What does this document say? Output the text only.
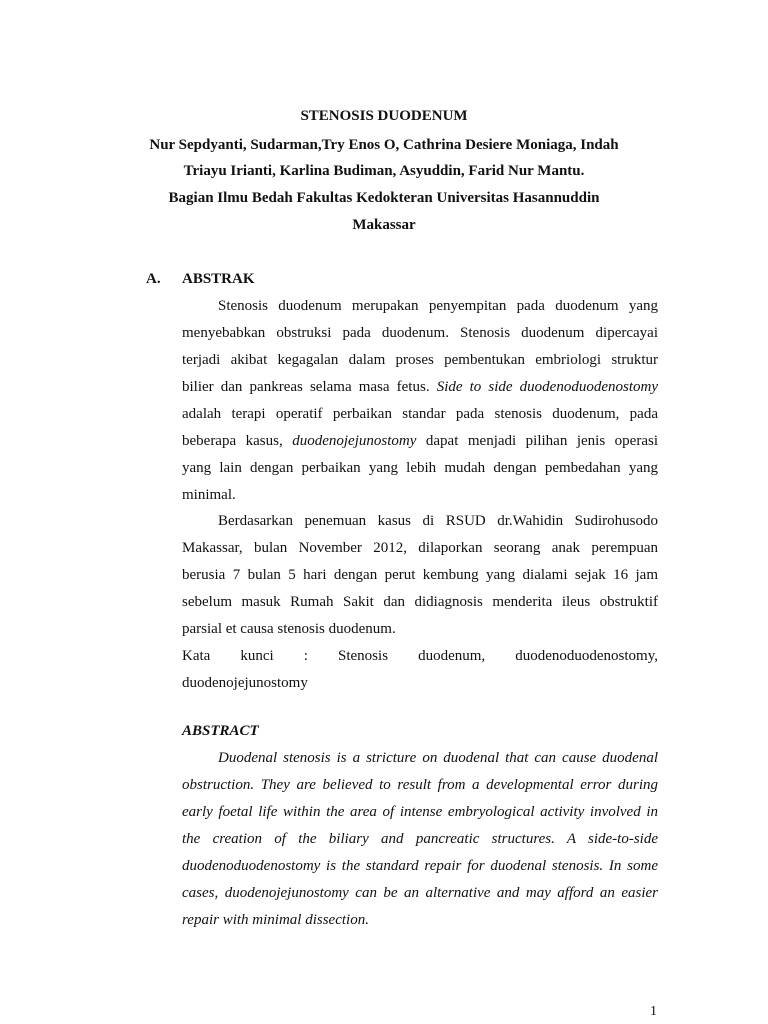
STENOSIS DUODENUM
Nur Sepdyanti, Sudarman,Try Enos O, Cathrina Desiere Moniaga, Indah
Triayu Irianti, Karlina Budiman, Asyuddin, Farid Nur Mantu.
Bagian Ilmu Bedah Fakultas Kedokteran Universitas Hasannuddin
Makassar
A. ABSTRAK
Stenosis duodenum merupakan penyempitan pada duodenum yang
menyebabkan obstruksi pada duodenum. Stenosis duodenum dipercayai
terjadi akibat kegagalan dalam proses pembentukan embriologi struktur
bilier dan pankreas selama masa fetus. Side to side duodenoduodenostomy
adalah terapi operatif perbaikan standar pada stenosis duodenum, pada
beberapa kasus, duodenojejunostomy dapat menjadi pilihan jenis operasi
yang lain dengan perbaikan yang lebih mudah dengan pembedahan yang
minimal.
Berdasarkan penemuan kasus di RSUD dr.Wahidin Sudirohusodo
Makassar, bulan November 2012, dilaporkan seorang anak perempuan
berusia 7 bulan 5 hari dengan perut kembung yang dialami sejak 16 jam
sebelum masuk Rumah Sakit dan didiagnosis menderita ileus obstruktif
parsial et causa stenosis duodenum.
Kata kunci : Stenosis duodenum, duodenoduodenostomy,
duodenojejunostomy
ABSTRACT
Duodenal stenosis is a stricture on duodenal that can cause duodenal
obstruction. They are believed to result from a developmental error during
early foetal life within the area of intense embryological activity involved in
the creation of the biliary and pancreatic structures. A side-to-side
duodenoduodenostomy is the standard repair for duodenal stenosis. In some
cases, duodenojejunostomy can be an alternative and may afford an easier
repair with minimal dissection.
1
